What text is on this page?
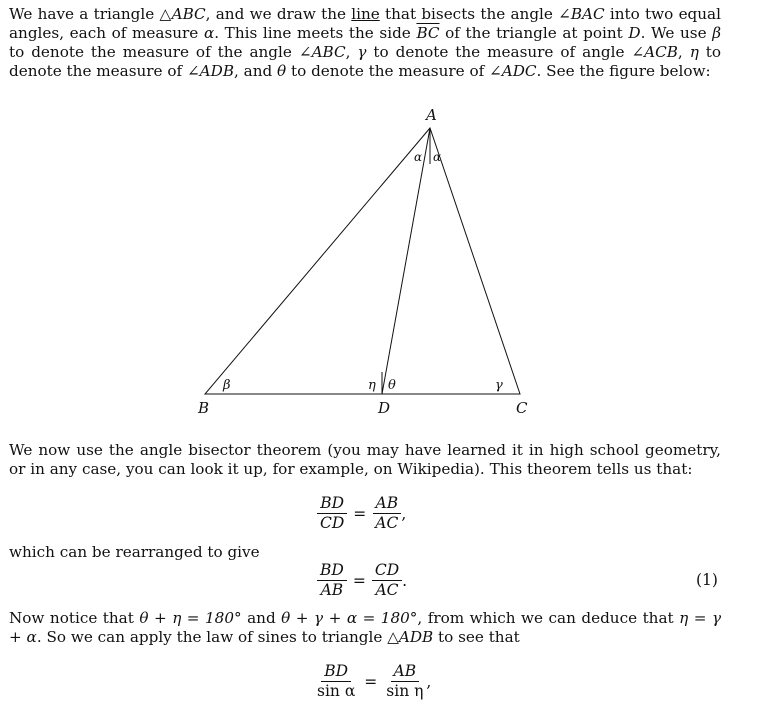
We have a triangle △ABC, and we draw the line that bisects the angle ∠BAC into two equal angles, each of measure α. This line meets the side $\overline{BC}$ of the triangle at point D. We use β to denote the measure of the angle ∠ABC, γ to denote the measure of angle ∠ACB, η to denote the measure of ∠ADB, and θ to denote the measure of ∠ADC. See the figure below:

A
B	C
D
α α
β	η θ	γ

We now use the angle bisector theorem (you may have learned it in high school geometry, or in any case, you can look it up, for example, on Wikipedia). This theorem tells us that:

$\frac{BD}{CD} = \frac{AB}{AC}$ ,

which can be rearranged to give

$\frac{BD}{AB} = \frac{CD}{AC}$ .	(1)

Now notice that θ + η = 180° and θ + γ + α = 180°, from which we can deduce that η = γ + α. So we can apply the law of sines to triangle △ADB to see that

$\frac{BD}{\text{sin α}} = \frac{AB}{\text{sin η}}$ ,
